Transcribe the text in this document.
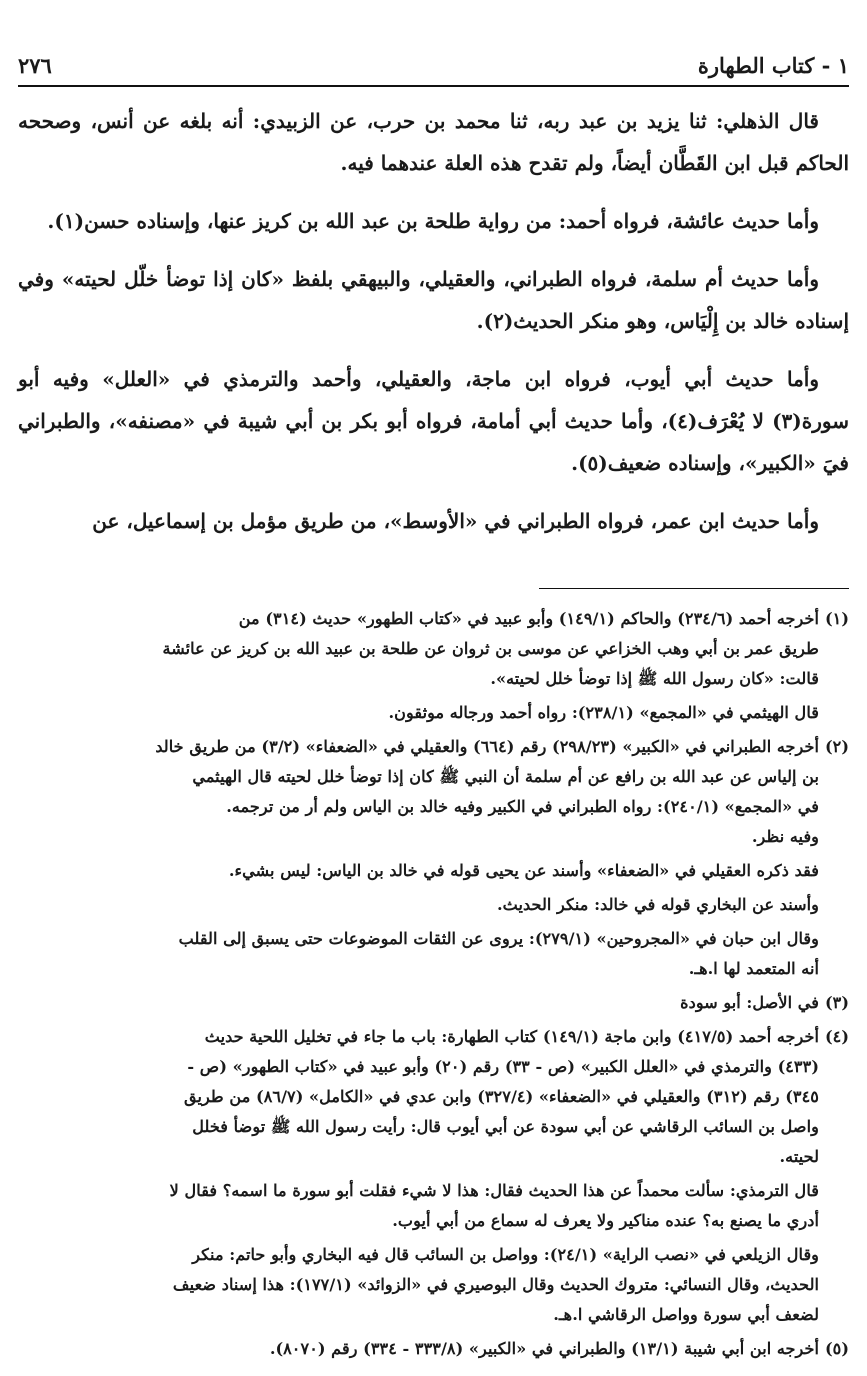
١ - كتاب الطهارة
٢٧٦

قال الذهلي: ثنا يزيد بن عبد ربه، ثنا محمد بن حرب، عن الزبيدي: أنه بلغه عن أنس، وصححه الحاكم قبل ابن القَطَّان أيضاً، ولم تقدح هذه العلة عندهما فيه.

وأما حديث عائشة، فرواه أحمد: من رواية طلحة بن عبد الله بن كريز عنها، وإسناده حسن(١).

وأما حديث أم سلمة، فرواه الطبراني، والعقيلي، والبيهقي بلفظ «كان إذا توضأ خلّل لحيته» وفي إسناده خالد بن إِلْيَاس، وهو منكر الحديث(٢).

وأما حديث أبي أيوب، فرواه ابن ماجة، والعقيلي، وأحمد والترمذي في «العلل» وفيه أبو سورة(٣) لا يُعْرَف(٤)، وأما حديث أبي أمامة، فرواه أبو بكر بن أبي شيبة في «مصنفه»، والطبراني فيَ «الكبير»، وإسناده ضعيف(٥).

وأما حديث ابن عمر، فرواه الطبراني في «الأوسط»، من طريق مؤمل بن إسماعيل، عن

(١)
أخرجه أحمد (٢٣٤/٦) والحاكم (١٤٩/١) وأبو عبيد في «كتاب الطهور» حديث (٣١٤) من
طريق عمر بن أبي وهب الخزاعي عن موسى بن ثروان عن طلحة بن عبيد الله بن كريز عن عائشة
قالت: «كان رسول الله ﷺ إذا توضأ خلل لحيته».
قال الهيثمي في «المجمع» (٢٣٨/١): رواه أحمد ورجاله موثقون.
(٢)
أخرجه الطبراني في «الكبير» (٢٩٨/٢٣) رقم (٦٦٤) والعقيلي في «الضعفاء» (٣/٢) من طريق خالد
بن إلياس عن عبد الله بن رافع عن أم سلمة أن النبي ﷺ كان إذا توضأ خلل لحيته قال الهيثمي
في «المجمع» (٢٤٠/١): رواه الطبراني في الكبير وفيه خالد بن الياس ولم أر من ترجمه.
وفيه نظر.
فقد ذكره العقيلي في «الضعفاء» وأسند عن يحيى قوله في خالد بن الياس: ليس بشيء.
وأسند عن البخاري قوله في خالد: منكر الحديث.
وقال ابن حبان في «المجروحين» (٢٧٩/١): يروى عن الثقات الموضوعات حتى يسبق إلى القلب
أنه المتعمد لها ا.هـ.
(٣)
في الأصل: أبو سودة
(٤)
أخرجه أحمد (٤١٧/٥) وابن ماجة (١٤٩/١) كتاب الطهارة: باب ما جاء في تخليل اللحية حديث
(٤٣٣) والترمذي في «العلل الكبير» (ص - ٣٣) رقم (٢٠) وأبو عبيد في «كتاب الطهور» (ص -
٣٤٥) رقم (٣١٢) والعقيلي في «الضعفاء» (٣٢٧/٤) وابن عدي في «الكامل» (٨٦/٧) من طريق
واصل بن السائب الرقاشي عن أبي سودة عن أبي أيوب قال: رأيت رسول الله ﷺ توضأ فخلل
لحيته.
قال الترمذي: سألت محمداً عن هذا الحديث فقال: هذا لا شيء فقلت أبو سورة ما اسمه؟ فقال لا
أدري ما يصنع به؟ عنده مناكير ولا يعرف له سماع من أبي أيوب.
وقال الزيلعي في «نصب الراية» (٢٤/١): وواصل بن السائب قال فيه البخاري وأبو حاتم: منكر
الحديث، وقال النسائي: متروك الحديث وقال البوصيري في «الزوائد» (١٧٧/١): هذا إسناد ضعيف
لضعف أبي سورة وواصل الرقاشي ا.هـ.
(٥)
أخرجه ابن أبي شيبة (١٣/١) والطبراني في «الكبير» (٣٣٣/٨ - ٣٣٤) رقم (٨٠٧٠).
